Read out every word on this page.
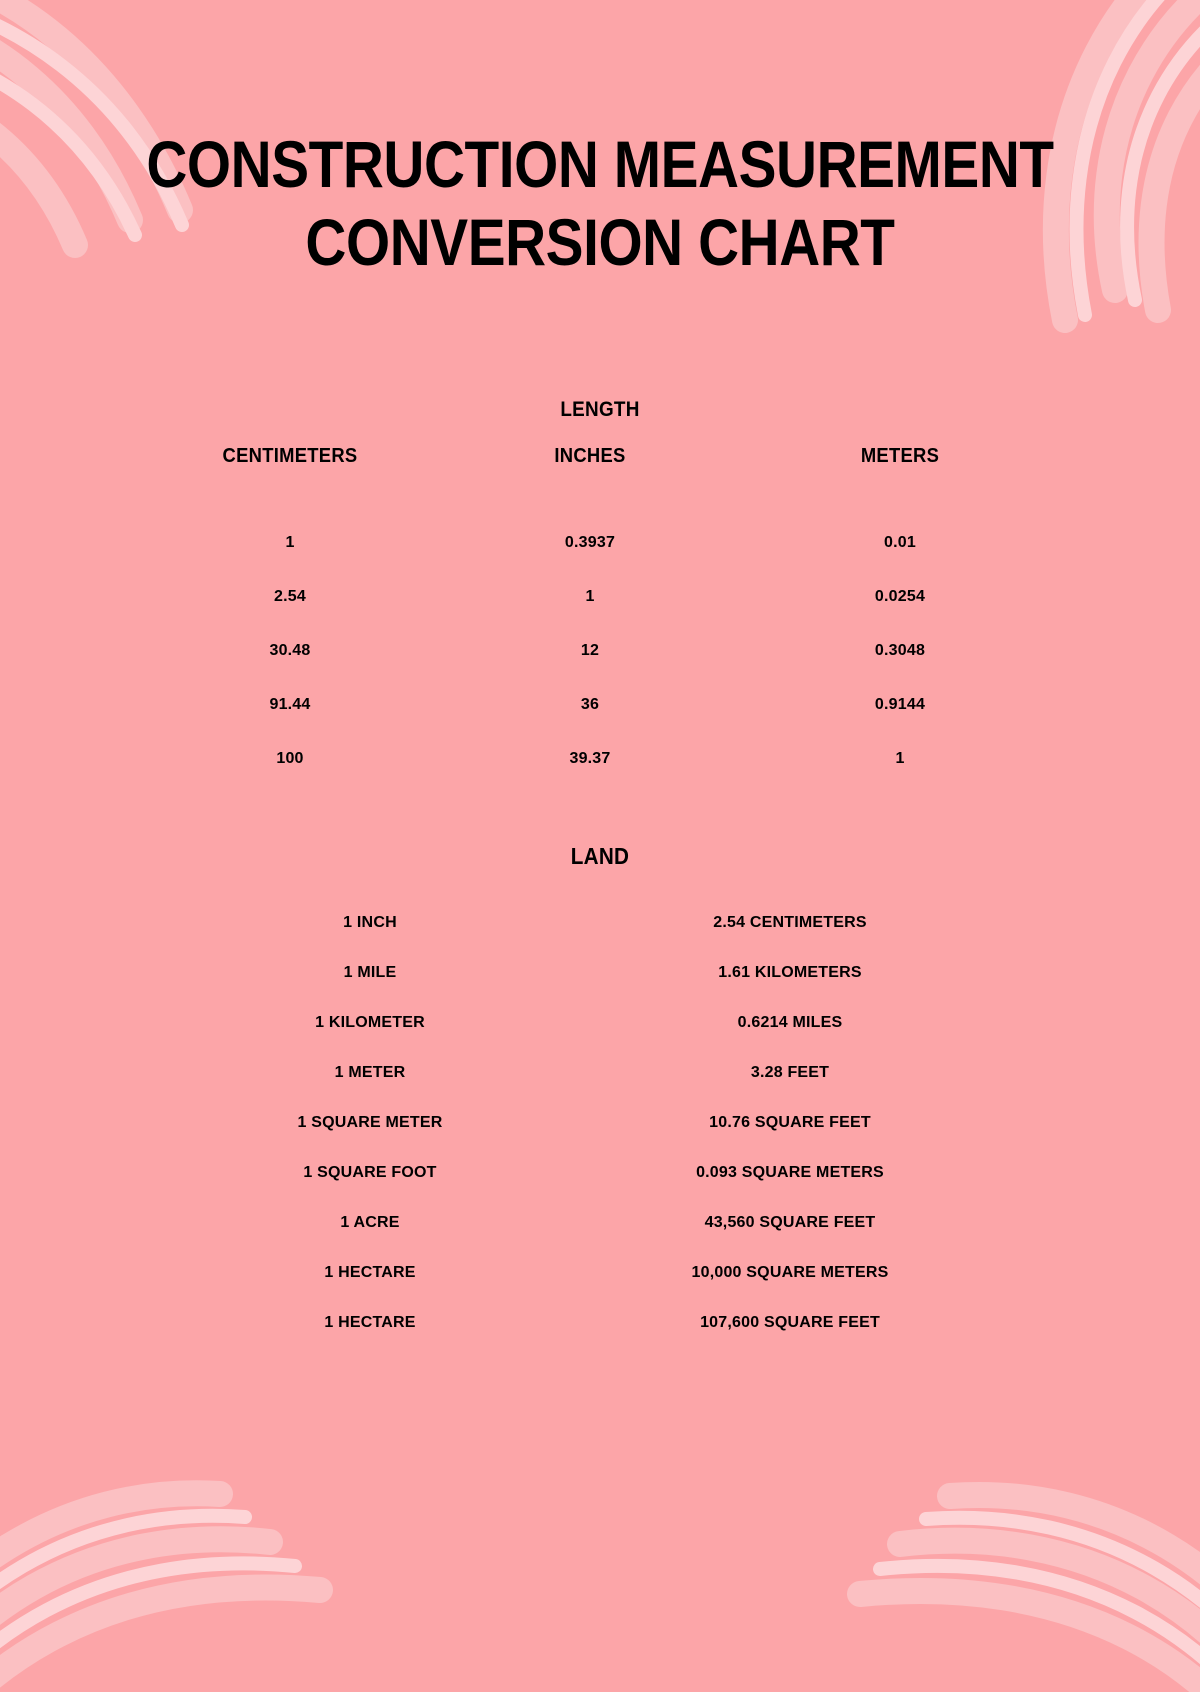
CONSTRUCTION MEASUREMENT CONVERSION CHART
LENGTH
CENTIMETERS	INCHES	METERS
1	0.3937	0.01
2.54	1	0.0254
30.48	12	0.3048
91.44	36	0.9144
100	39.37	1
LAND
1 INCH	2.54 CENTIMETERS
1 MILE	1.61 KILOMETERS
1 KILOMETER	0.6214 MILES
1 METER	3.28 FEET
1 SQUARE METER	10.76 SQUARE FEET
1 SQUARE FOOT	0.093 SQUARE METERS
1 ACRE	43,560 SQUARE FEET
1 HECTARE	10,000 SQUARE METERS
1 HECTARE	107,600 SQUARE FEET
